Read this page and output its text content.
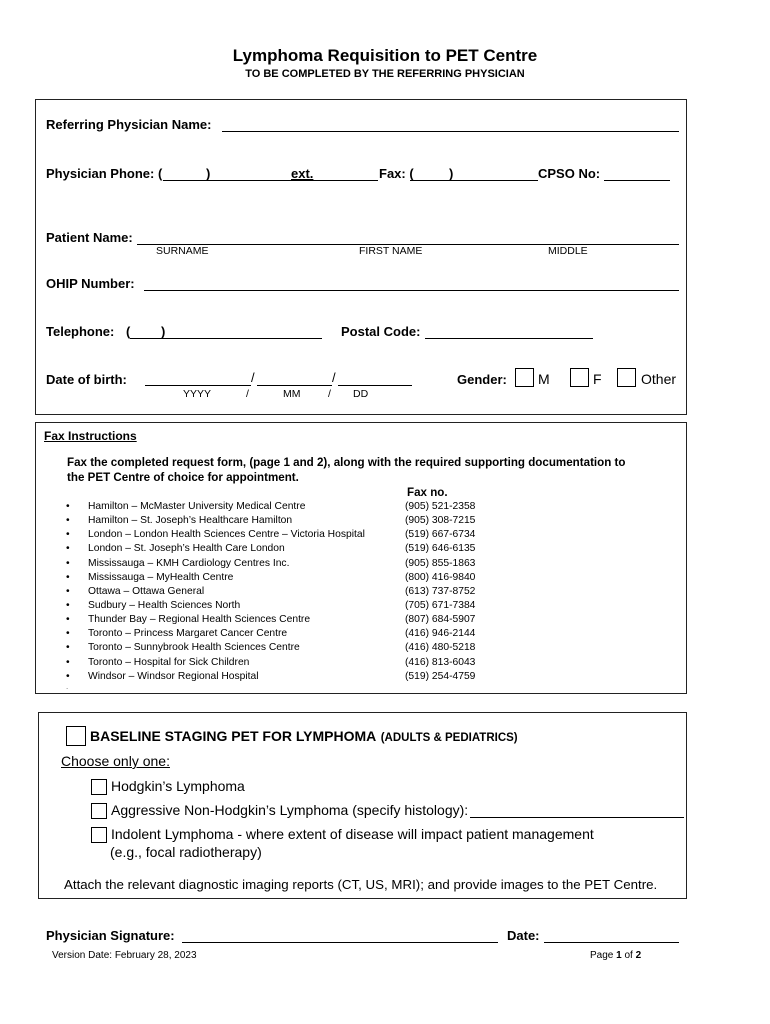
Lymphoma Requisition to PET Centre
TO BE COMPLETED BY THE REFERRING PHYSICIAN
Referring Physician Name:
Physician Phone: (	)	ext.	Fax: (	)	CPSO No:
Patient Name:
SURNAME	FIRST NAME	MIDDLE
OHIP Number:
Telephone: ( )	Postal Code:
Date of birth:	/	/
YYYY	/	MM	/ DD
Gender: M	F	Other
Fax Instructions
Fax the completed request form, (page 1 and 2), along with the required supporting documentation to
the PET Centre of choice for appointment.
Fax no.
•	Hamilton – McMaster University Medical Centre	(905) 521-2358
•	Hamilton – St. Joseph’s Healthcare Hamilton	(905) 308-7215
•	London – London Health Sciences Centre – Victoria Hospital	(519) 667-6734
•	London – St. Joseph’s Health Care London	(519) 646-6135
•	Mississauga – KMH Cardiology Centres Inc.	(905) 855-1863
•	Mississauga – MyHealth Centre	(800) 416-9840
•	Ottawa – Ottawa General	(613) 737-8752
•	Sudbury – Health Sciences North	(705) 671-7384
•	Thunder Bay – Regional Health Sciences Centre	(807) 684-5907
•	Toronto – Princess Margaret Cancer Centre	(416) 946-2144
•	Toronto – Sunnybrook Health Sciences Centre	(416) 480-5218
•	Toronto – Hospital for Sick Children	(416) 813-6043
•	Windsor – Windsor Regional Hospital	(519) 254-4759
.
BASELINE STAGING PET FOR LYMPHOMA (ADULTS & PEDIATRICS)
Choose only one:
Hodgkin’s Lymphoma
Aggressive Non-Hodgkin’s Lymphoma (specify histology):
Indolent Lymphoma - where extent of disease will impact patient management
(e.g., focal radiotherapy)
Attach the relevant diagnostic imaging reports (CT, US, MRI); and provide images to the PET Centre.
Physician Signature:	Date:
Version Date: February 28, 2023	Page 1 of 2
